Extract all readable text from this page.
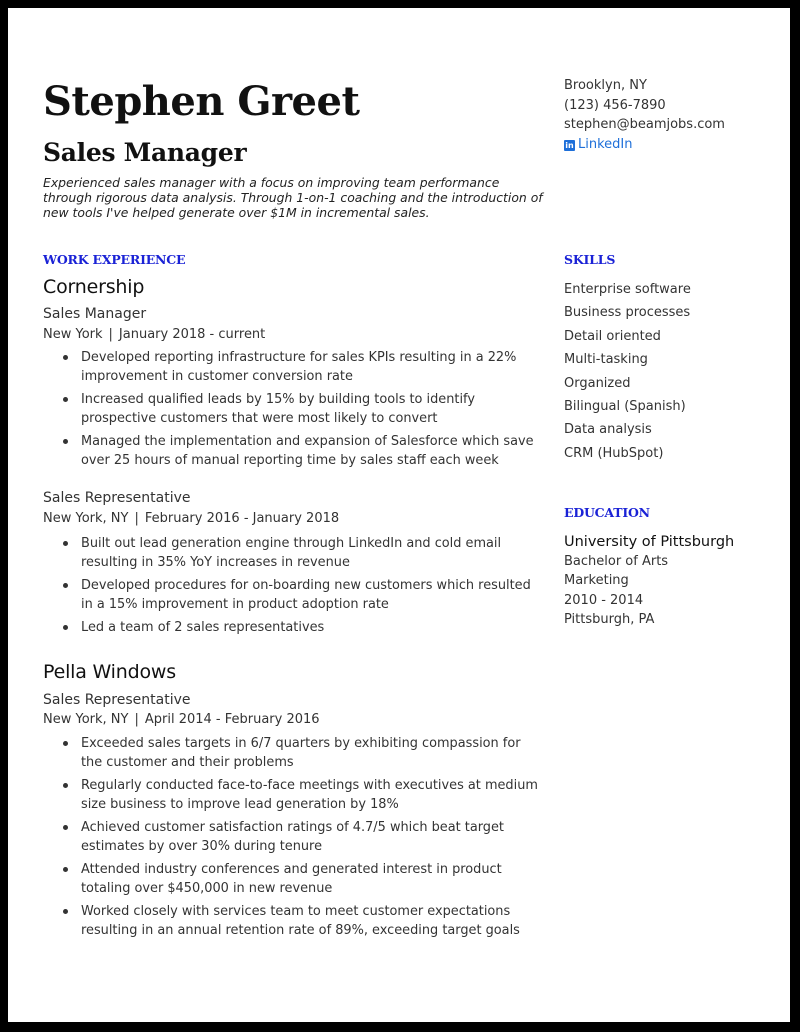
Stephen Greet
Sales Manager
Experienced sales manager with a focus on improving team performance through rigorous data analysis. Through 1-on-1 coaching and the introduction of new tools I've helped generate over $1M in incremental sales.
WORK EXPERIENCE
Cornership
Sales Manager
New York | January 2018 - current
Developed reporting infrastructure for sales KPIs resulting in a 22% improvement in customer conversion rate
Increased qualified leads by 15% by building tools to identify prospective customers that were most likely to convert
Managed the implementation and expansion of Salesforce which save over 25 hours of manual reporting time by sales staff each week
Sales Representative
New York, NY | February 2016 - January 2018
Built out lead generation engine through LinkedIn and cold email resulting in 35% YoY increases in revenue
Developed procedures for on-boarding new customers which resulted in a 15% improvement in product adoption rate
Led a team of 2 sales representatives
Pella Windows
Sales Representative
New York, NY | April 2014 - February 2016
Exceeded sales targets in 6/7 quarters by exhibiting compassion for the customer and their problems
Regularly conducted face-to-face meetings with executives at medium size business to improve lead generation by 18%
Achieved customer satisfaction ratings of 4.7/5 which beat target estimates by over 30% during tenure
Attended industry conferences and generated interest in product totaling over $450,000 in new revenue
Worked closely with services team to meet customer expectations resulting in an annual retention rate of 89%, exceeding target goals
Brooklyn, NY
(123) 456-7890
stephen@beamjobs.com
in LinkedIn
SKILLS
Enterprise software
Business processes
Detail oriented
Multi-tasking
Organized
Bilingual (Spanish)
Data analysis
CRM (HubSpot)
EDUCATION
University of Pittsburgh
Bachelor of Arts
Marketing
2010 - 2014
Pittsburgh, PA
